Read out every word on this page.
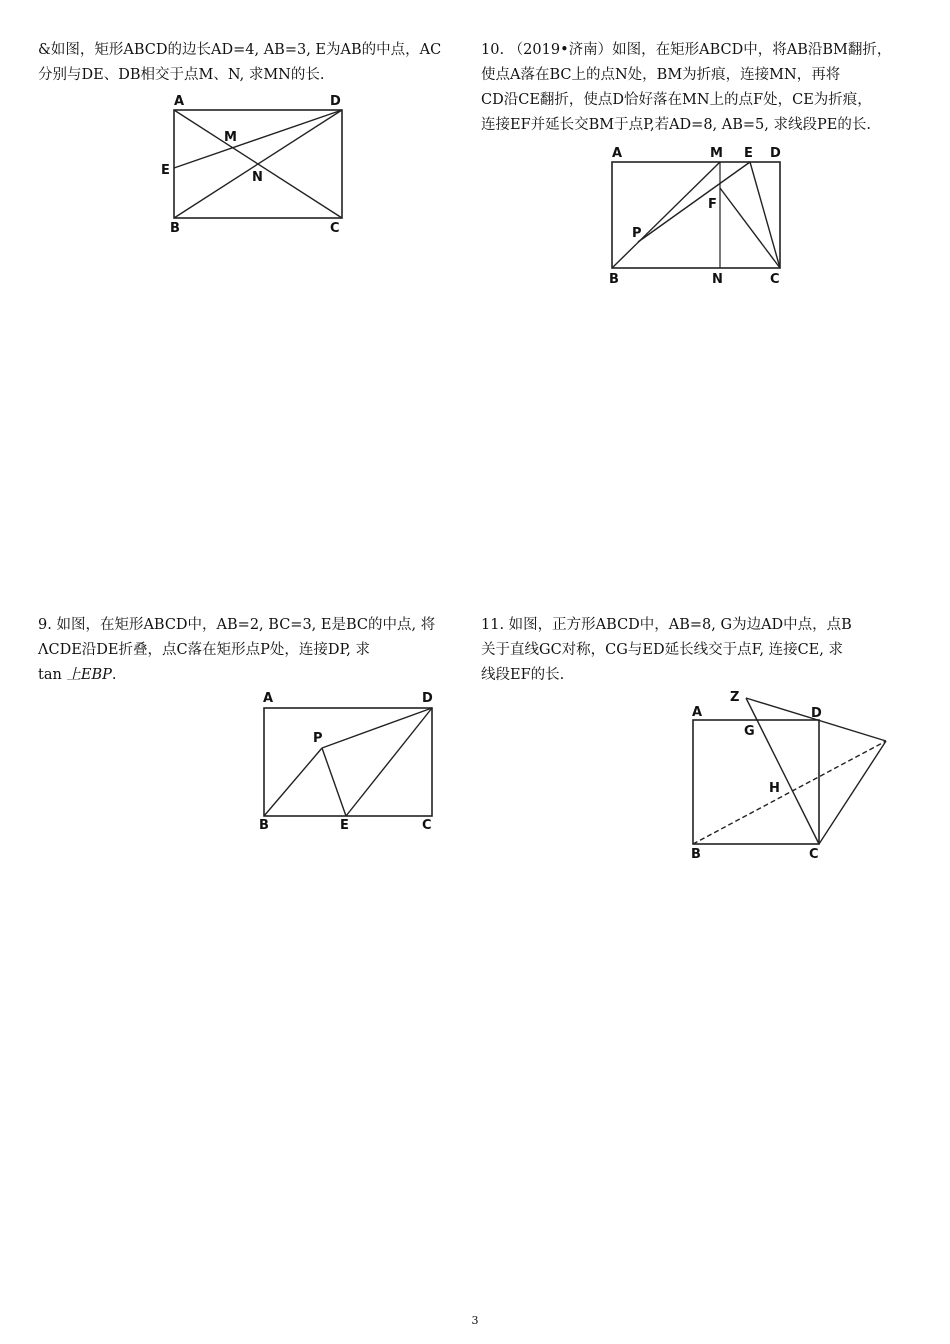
&如图，矩形ABCD的边长AD=4, AB=3, E为AB的中点，AC
分别与DE、DB相交于点M、N, 求MN的长.
A	D
M
E	N
B	C
10. （2019•济南）如图，在矩形ABCD中，将AB沿BM翻折，
使点A落在BC上的点N处，BM为折痕，连接MN，再将
CD沿CE翻折，使点D恰好落在MN上的点F处，CE为折痕，
连接EF并延长交BM于点P,若AD=8, AB=5, 求线段PE的长.
A	M E D
F
P
B	N	C
9. 如图，在矩形ABCD中，AB=2, BC=3, E是BC的中点, 将
ΛCDE沿DE折叠，点C落在矩形点P处，连接DP, 求
tan 上EBP.
A	D
P
B	E	C
11. 如图，正方形ABCD中，AB=8, G为边AD中点，点B
关于直线GC对称，CG与ED延长线交于点F, 连接CE, 求
线段EF的长.
Z
A	D
G
H
B	C
3
